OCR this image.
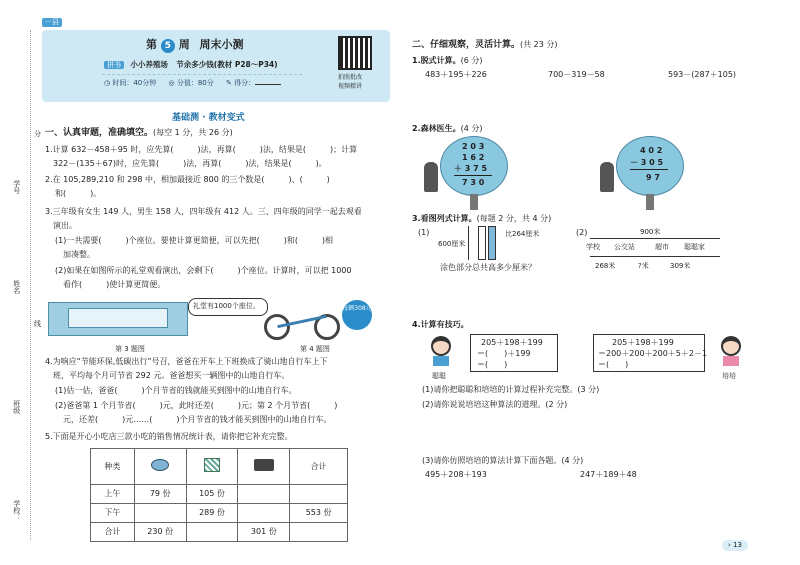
分
学号
姓名
线
班级
学校：
一县
第 5 周 周末小测
拼书 小小养殖场 节余多少钱(教材 P28～P34)
◷ 时间：40分钟 ◎ 分值：80分 ✎ 得分：
拍照批改
视频精讲
基础测 · 教材变式
一、认真审题，准确填空。(每空 1 分，共 26 分)
1.计算 632－458＋95 时，应先算(　　　)法，再算(　　　)法，结果是(　　　)；计算
　322－(135＋67)时，应先算(　　　)法，再算(　　　)法，结果是(　　　)。
2.在 105,289,210 和 298 中，相加最接近 800 的三个数是(　　　)、(　　　)
和(　　　)。
3.三年级有女生 149 人，男生 158 人，四年级有 412 人。三、四年级的同学一起去观看
　演出。
(1)一共需要(　　　)个座位。要使计算更简便，可以先把(　　　)和(　　　)相
　加凑整。
(2)如果在如图所示的礼堂观看演出，会剩下(　　　)个座位。计算时，可以把 1000
　看作(　　　)使计算更简便。
礼堂有1000个座位。	每辆308元
第 3 题图	第 4 题图
4.为响应“节能环保,低碳出行”号召，爸爸在开车上下班换成了骑山地自行车上下
　班，平均每个月可节省 292 元。爸爸想买一辆图中的山地自行车。
(1)估一估，爸爸(　　　)个月节省的钱就能买到图中的山地自行车。
(2)爸爸第 1 个月节省(　　　)元，此时还差(　　　)元；第 2 个月节省(　　　)
　元，还差(　　　)元……(　　　)个月节省的钱才能买到图中的山地自行车。
5.下面是开心小吃店三款小吃的销售情况统计表，请你把它补充完整。
种类				合计
上午	79 份	105 份		
下午		289 份		553 份
合计	230 份		301 份	
二、仔细观察，灵活计算。(共 23 分)
1.脱式计算。(6 分)
483＋195＋226	700－319－58	593－(287＋105)
2.森林医生。(4 分)
2 0 3
1 6 2
＋ 3 7 5
7 3 0
4 0 2
－ 3 0 5
9 7
3.看图列式计算。(每题 2 分，共 4 分)
(1)
600厘米
比264厘米
涂色部分总共高多少厘米？
(2)	900米
学校 公交站	超市 聪聪家
268米	?米	309米
4.计算有技巧。
聪聪
205＋198＋199
＝(　　)＋199
＝(　　)
205＋198＋199
＝200＋200＋200＋5＋2－1
＝(　　)
培培
(1)请你把聪聪和培培的计算过程补充完整。(3 分)
(2)请你说说培培这种算法的道理。(2 分)
(3)请你仿照培培的算法计算下面各题。(4 分)
495＋208＋193	247＋189＋48
› 13
